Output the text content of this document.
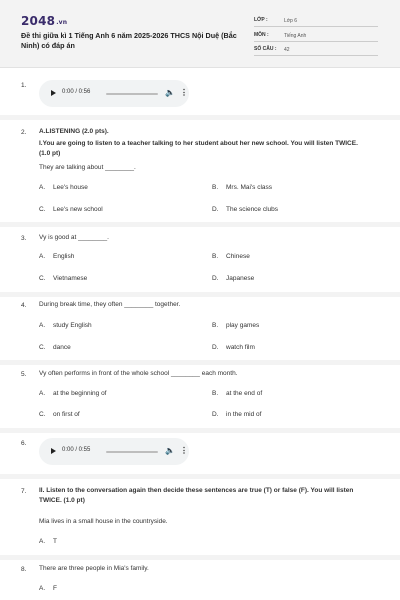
2048.vn
Đề thi giữa kì 1 Tiếng Anh 6 năm 2025-2026 THCS Nội Duệ (Bắc Ninh) có đáp án
LỚP :	Lớp 6
MÔN :	Tiếng Anh
SỐ CÂU : 42
1.
0:00 / 0:56	🔈 ⋮
2. A.LISTENING (2.0 pts).
I.You are going to listen to a teacher talking to her student about her new school. You will listen TWICE. (1.0 pt)
They are talking about ________.
A. Lee's house	B. Mrs. Mai's class
C. Lee's new school	D. The science clubs
3. Vy is good at ________.
A. English	B. Chinese
C. Vietnamese	D. Japanese
4. During break time, they often ________ together.
A. study English	B. play games
C. dance	D. watch film
5. Vy often performs in front of the whole school ________ each month.
A. at the beginning of	B. at the end of
C. on first of	D. in the mid of
6.
0:00 / 0:55	🔈 ⋮
7. II. Listen to the conversation again then decide these sentences are true (T) or false (F). You will listen TWICE. (1.0 pt)
Mia lives in a small house in the countryside.
A. T
8. There are three people in Mia's family.
A. F
